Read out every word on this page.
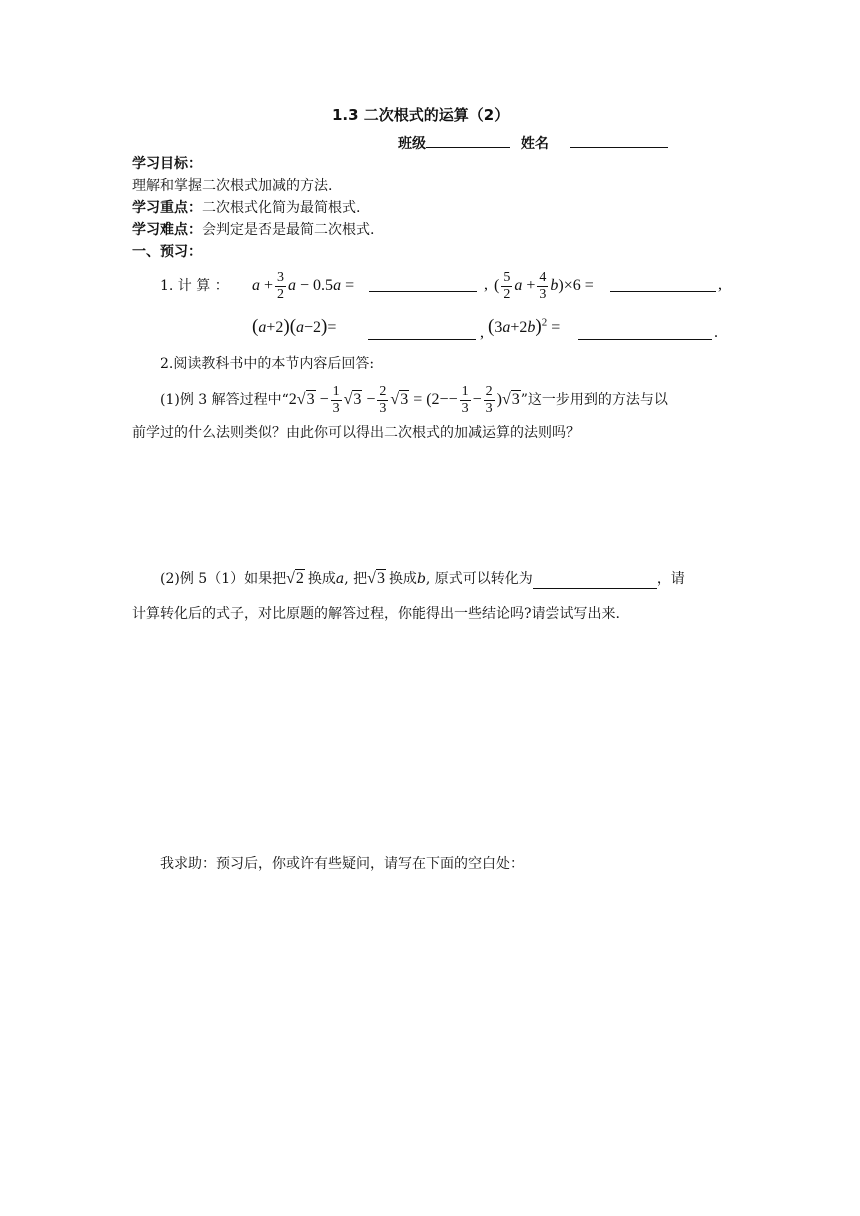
1.3 二次根式的运算（2）
班级	姓名
学习目标：
理解和掌握二次根式加减的方法.
学习重点：二次根式化简为最简根式.
学习难点：会判定是否是最简二次根式.
一、预习：
1. 计 算 ： $a + \frac{3}{2}$ a − 0.5 a =	, ( $\frac{5}{2}$ $a + \frac{4}{3}$ b )×6 =	,
(a+2)(a−2)=	, $(3a+2b)^2$ =	.
2.阅读教科书中的本节内容后回答:
(1)例 3 解答过程中“ 2 $√3 - \frac{1}{3} √3 - \frac{2}{3} √3 = (2-- \frac{1}{3} - \frac{2}{3}$ ) √3 ”这一步用到的方法与以
前学过的什么法则类似？由此你可以得出二次根式的加减运算的法则吗？
(2)例 5（1）如果把 √2 换成 a , 把 √3 换成 b , 原式可以转化为	，请
计算转化后的式子，对比原题的解答过程，你能得出一些结论吗?请尝试写出来.
我求助：预习后，你或许有些疑问，请写在下面的空白处：
